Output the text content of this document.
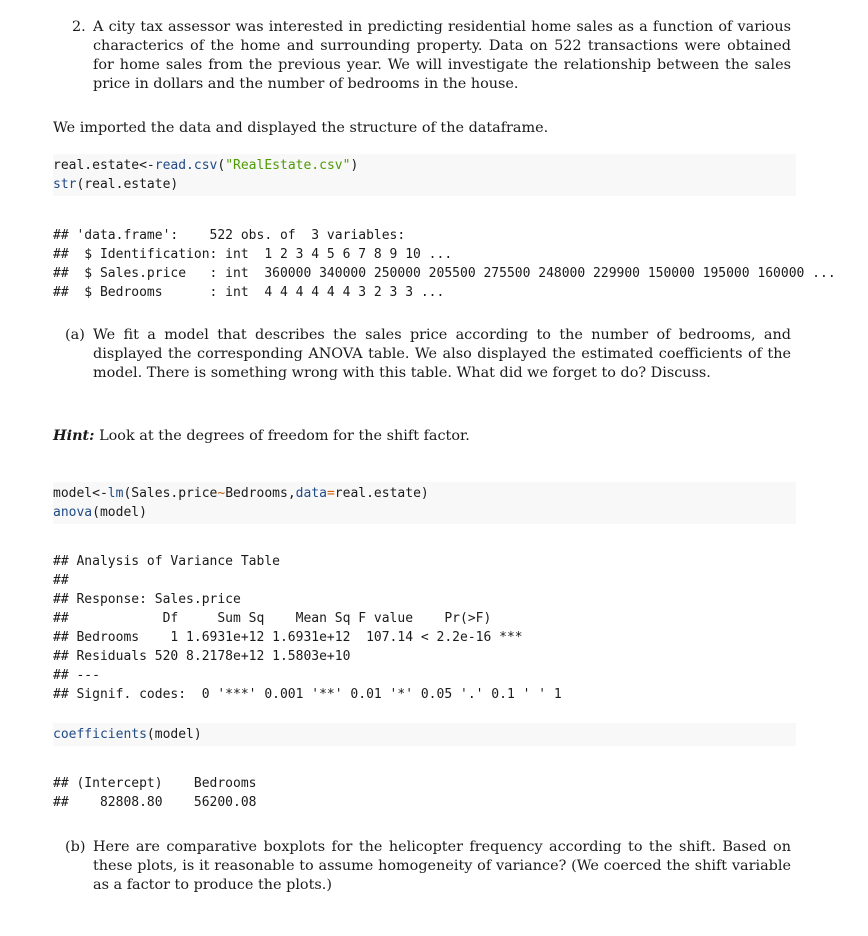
2. A city tax assessor was interested in predicting residential home sales as a function of various characterics of the home and surrounding property. Data on 522 transactions were obtained for home sales from the previous year. We will investigate the relationship between the sales price in dollars and the number of bedrooms in the house.
We imported the data and displayed the structure of the dataframe.
real.estate<-read.csv("RealEstate.csv")
str(real.estate)
## 'data.frame':    522 obs. of  3 variables:
##  $ Identification: int  1 2 3 4 5 6 7 8 9 10 ...
##  $ Sales.price   : int  360000 340000 250000 205500 275500 248000 229900 150000 195000 160000 ...
##  $ Bedrooms      : int  4 4 4 4 4 4 3 2 3 3 ...
(a) We fit a model that describes the sales price according to the number of bedrooms, and displayed the corresponding ANOVA table. We also displayed the estimated coefficients of the model. There is something wrong with this table. What did we forget to do? Discuss.
Hint: Look at the degrees of freedom for the shift factor.
model<-lm(Sales.price~Bedrooms,data=real.estate)
anova(model)
## Analysis of Variance Table
##
## Response: Sales.price
##            Df     Sum Sq    Mean Sq F value    Pr(>F)
## Bedrooms    1 1.6931e+12 1.6931e+12  107.14 < 2.2e-16 ***
## Residuals 520 8.2178e+12 1.5803e+10
## ---
## Signif. codes:  0 '***' 0.001 '**' 0.01 '*' 0.05 '.' 0.1 ' ' 1
coefficients(model)
## (Intercept)    Bedrooms
##    82808.80    56200.08
(b) Here are comparative boxplots for the helicopter frequency according to the shift. Based on these plots, is it reasonable to assume homogeneity of variance? (We coerced the shift variable as a factor to produce the plots.)
